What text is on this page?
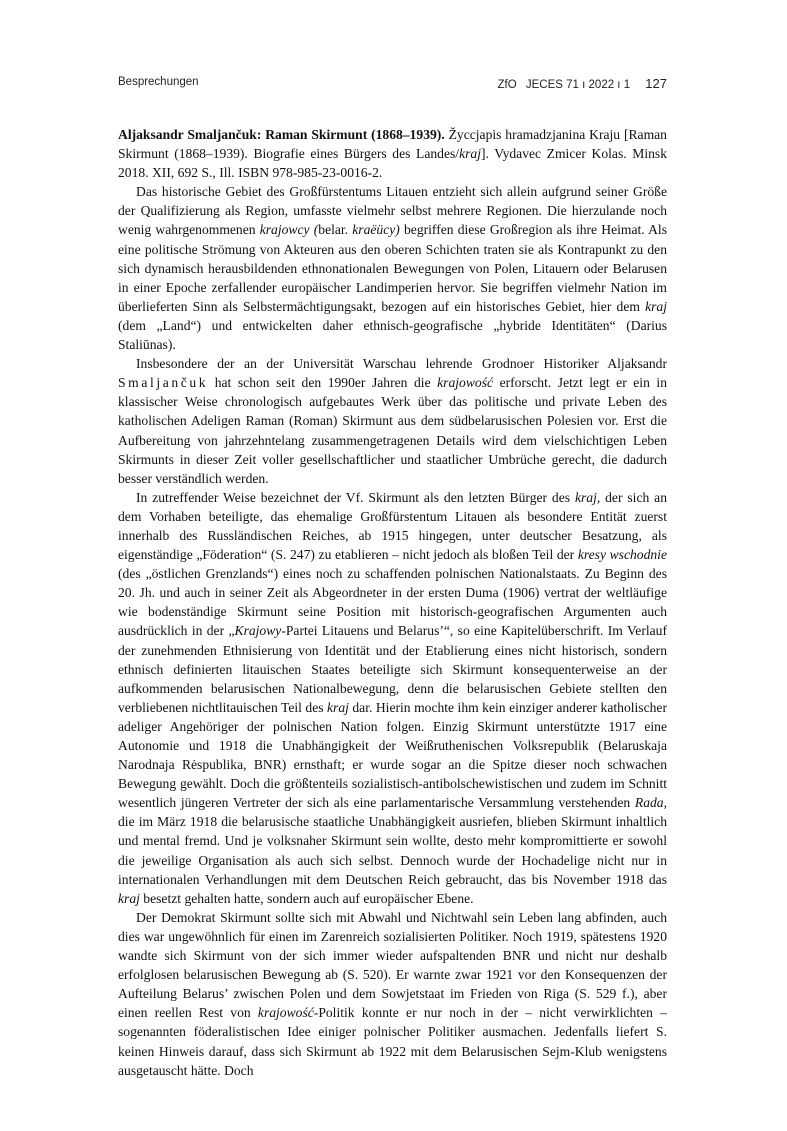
Besprechungen	ZfO JECES 71 ı 2022 ı 1 127

Aljaksandr Smaljančuk: Raman Skirmunt (1868–1939). Žyccjapis hramadzjanina Kraju [Raman Skirmunt (1868–1939). Biografie eines Bürgers des Landes/kraj]. Vydavec Zmicer Kolas. Minsk 2018. XII, 692 S., Ill. ISBN 978-985-23-0016-2.

Das historische Gebiet des Großfürstentums Litauen entzieht sich allein aufgrund seiner Größe der Qualifizierung als Region, umfasste vielmehr selbst mehrere Regionen. Die hierzulande noch wenig wahrgenommenen krajowcy (belar. kraëücy) begriffen diese Großregion als ihre Heimat. Als eine politische Strömung von Akteuren aus den oberen Schichten traten sie als Kontrapunkt zu den sich dynamisch herausbildenden ethnonationalen Bewegungen von Polen, Litauern oder Belarusen in einer Epoche zerfallender europäischer Landimperien hervor. Sie begriffen vielmehr Nation im überlieferten Sinn als Selbstermächtigungsakt, bezogen auf ein historisches Gebiet, hier dem kraj (dem „Land“) und entwickelten daher ethnisch-geografische „hybride Identitäten“ (Darius Staliūnas).

Insbesondere der an der Universität Warschau lehrende Grodnoer Historiker Aljaksandr Smaljančuk hat schon seit den 1990er Jahren die krajowość erforscht. Jetzt legt er ein in klassischer Weise chronologisch aufgebautes Werk über das politische und private Leben des katholischen Adeligen Raman (Roman) Skirmunt aus dem südbelarusischen Polesien vor. Erst die Aufbereitung von jahrzehntelang zusammengetragenen Details wird dem vielschichtigen Leben Skirmunts in dieser Zeit voller gesellschaftlicher und staatlicher Umbrüche gerecht, die dadurch besser verständlich werden.

In zutreffender Weise bezeichnet der Vf. Skirmunt als den letzten Bürger des kraj, der sich an dem Vorhaben beteiligte, das ehemalige Großfürstentum Litauen als besondere Entität zuerst innerhalb des Russländischen Reiches, ab 1915 hingegen, unter deutscher Besatzung, als eigenständige „Föderation“ (S. 247) zu etablieren – nicht jedoch als bloßen Teil der kresy wschodnie (des „östlichen Grenzlands“) eines noch zu schaffenden polnischen Nationalstaats. Zu Beginn des 20. Jh. und auch in seiner Zeit als Abgeordneter in der ersten Duma (1906) vertrat der weltläufige wie bodenständige Skirmunt seine Position mit historisch-geografischen Argumenten auch ausdrücklich in der „Krajowy-Partei Litauens und Belarus’“, so eine Kapitelüberschrift. Im Verlauf der zunehmenden Ethnisierung von Identität und der Etablierung eines nicht historisch, sondern ethnisch definierten litauischen Staates beteiligte sich Skirmunt konsequenterweise an der aufkommenden belarusischen Nationalbewegung, denn die belarusischen Gebiete stellten den verbliebenen nichtlitauischen Teil des kraj dar. Hierin mochte ihm kein einziger anderer katholischer adeliger Angehöriger der polnischen Nation folgen. Einzig Skirmunt unterstützte 1917 eine Autonomie und 1918 die Unabhängigkeit der Weißruthenischen Volksrepublik (Belaruskaja Narodnaja Rėspublika, BNR) ernsthaft; er wurde sogar an die Spitze dieser noch schwachen Bewegung gewählt. Doch die größtenteils sozialistisch-antibolschewistischen und zudem im Schnitt wesentlich jüngeren Vertreter der sich als eine parlamentarische Versammlung verstehenden Rada, die im März 1918 die belarusische staatliche Unabhängigkeit ausriefen, blieben Skirmunt inhaltlich und mental fremd. Und je volksnaher Skirmunt sein wollte, desto mehr kompromittierte er sowohl die jeweilige Organisation als auch sich selbst. Dennoch wurde der Hochadelige nicht nur in internationalen Verhandlungen mit dem Deutschen Reich gebraucht, das bis November 1918 das kraj besetzt gehalten hatte, sondern auch auf europäischer Ebene.

Der Demokrat Skirmunt sollte sich mit Abwahl und Nichtwahl sein Leben lang abfinden, auch dies war ungewöhnlich für einen im Zarenreich sozialisierten Politiker. Noch 1919, spätestens 1920 wandte sich Skirmunt von der sich immer wieder aufspaltenden BNR und nicht nur deshalb erfolglosen belarusischen Bewegung ab (S. 520). Er warnte zwar 1921 vor den Konsequenzen der Aufteilung Belarus’ zwischen Polen und dem Sowjetstaat im Frieden von Riga (S. 529 f.), aber einen reellen Rest von krajowość-Politik konnte er nur noch in der – nicht verwirklichten – sogenannten föderalistischen Idee einiger polnischer Politiker ausmachen. Jedenfalls liefert S. keinen Hinweis darauf, dass sich Skirmunt ab 1922 mit dem Belarusischen Sejm-Klub wenigstens ausgetauscht hätte. Doch
